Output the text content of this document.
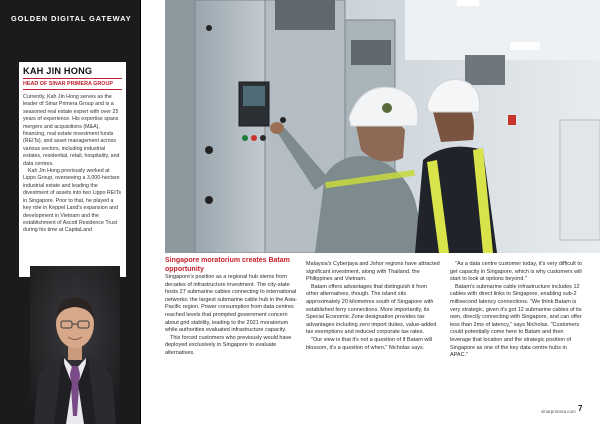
GOLDEN DIGITAL GATEWAY
KAH JIN HONG
HEAD OF SINAR PRIMERA GROUP

Currently, Kah Jin Hong serves as the leader of Sinar Primera Group and is a seasoned real estate expert with over 25 years of experience. His expertise spans mergers and acquisitions (M&A), financing, real estate investment funds (REITs), and asset management across various sectors, including industrial estates, residential, retail, hospitality, and data centres.

Kah Jin Hong previously worked at Lippo Group, overseeing a 3,000-hectare industrial estate and leading the divestment of assets into two Lippo REITs in Singapore. Prior to that, he played a key role in Keppel Land's expansion and development in Vietnam and the establishment of Ascott Residence Trust during his time at CapitaLand

Singapore moratorium creates Batam opportunity

Singapore's position as a regional hub stems from decades of infrastructure investment. The city-state hosts 27 submarine cables connecting to international networks: the largest submarine cable hub in the Asia-Pacific region. Power consumption from data centres reached levels that prompted government concern about grid stability, leading to the 2021 moratorium while authorities evaluated infrastructure capacity.

This forced customers who previously would have deployed exclusively in Singapore to evaluate alternatives.

Malaysia's Cyberjaya and Johor regions have attracted significant investment, along with Thailand, the Philippines and Vietnam.

Batam offers advantages that distinguish it from other alternatives, though. The island sits approximately 20 kilometres south of Singapore with established ferry connections. More importantly, its Special Economic Zone designation provides tax advantages including zero import duties, value-added tax exemptions and reduced corporate tax rates.

"Our view is that it's not a question of if Batam will blossom, it's a question of when," Nicholas says.

"As a data centre customer today, it's very difficult to get capacity in Singapore, which is why customers will start to look at options beyond."

Batam's submarine cable infrastructure includes 12 cables with direct links to Singapore, enabling sub-2 millisecond latency connections. "We think Batam is very strategic, given it's got 12 submarine cables of its own, directly connecting with Singapore, and can offer less than 2ms of latency," says Nicholas. "Customers could potentially come here to Batam and then leverage that location and the strategic position of Singapore as one of the key data centre hubs in APAC."

sinarprimera.com 7
